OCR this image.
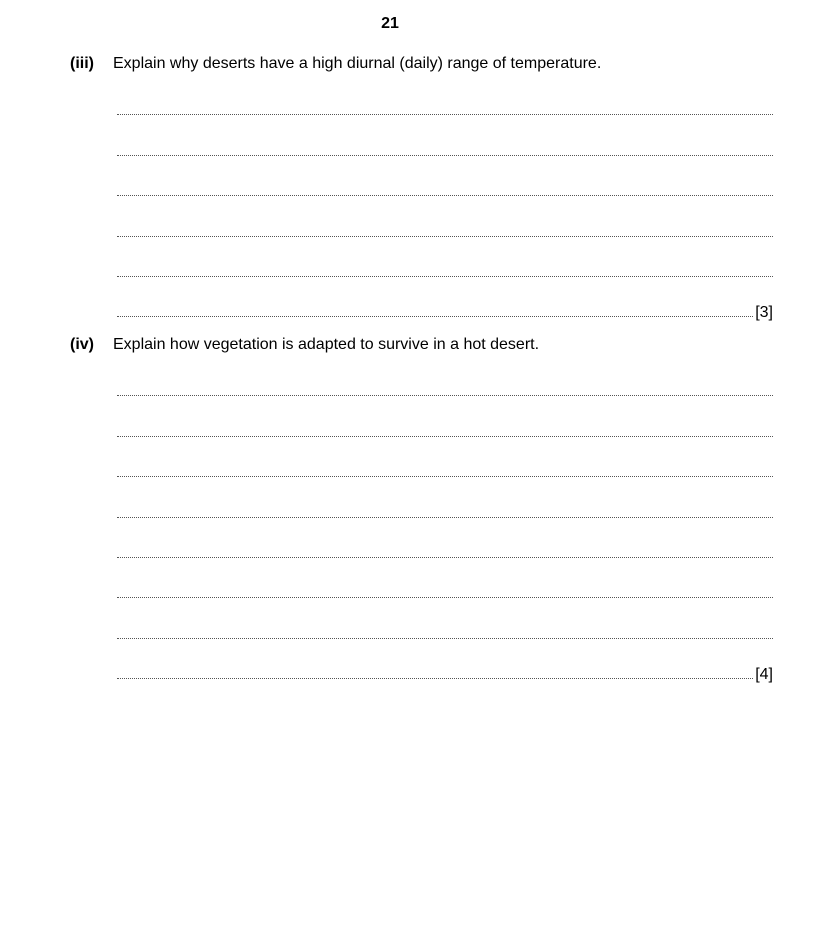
21
(iii) Explain why deserts have a high diurnal (daily) range of temperature.
[3]
(iv) Explain how vegetation is adapted to survive in a hot desert.
[4]
